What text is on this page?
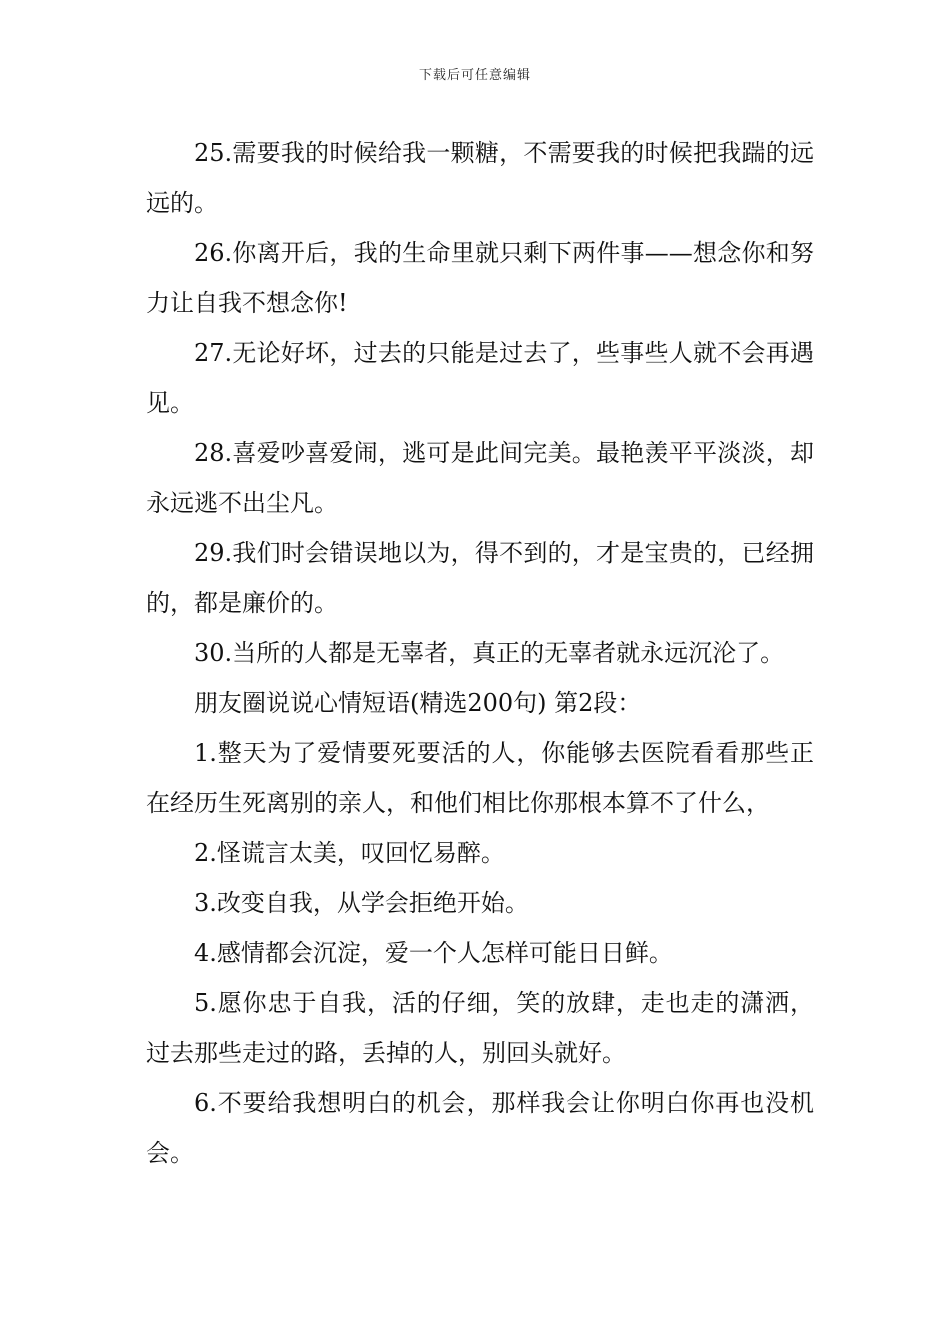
下载后可任意编辑

25.需要我的时候给我一颗糖，不需要我的时候把我踹的远远的。

26.你离开后，我的生命里就只剩下两件事——想念你和努力让自我不想念你!

27.无论好坏，过去的只能是过去了，些事些人就不会再遇见。

28.喜爱吵喜爱闹，逃可是此间完美。最艳羡平平淡淡，却永远逃不出尘凡。

29.我们时会错误地以为，得不到的，才是宝贵的，已经拥的，都是廉价的。

30.当所的人都是无辜者，真正的无辜者就永远沉沦了。

朋友圈说说心情短语(精选200句) 第2段：

1.整天为了爱情要死要活的人，你能够去医院看看那些正在经历生死离别的亲人，和他们相比你那根本算不了什么，

2.怪谎言太美，叹回忆易醉。

3.改变自我，从学会拒绝开始。

4.感情都会沉淀，爱一个人怎样可能日日鲜。

5.愿你忠于自我，活的仔细，笑的放肆，走也走的潇洒，过去那些走过的路，丢掉的人，别回头就好。

6.不要给我想明白的机会，那样我会让你明白你再也没机会。
